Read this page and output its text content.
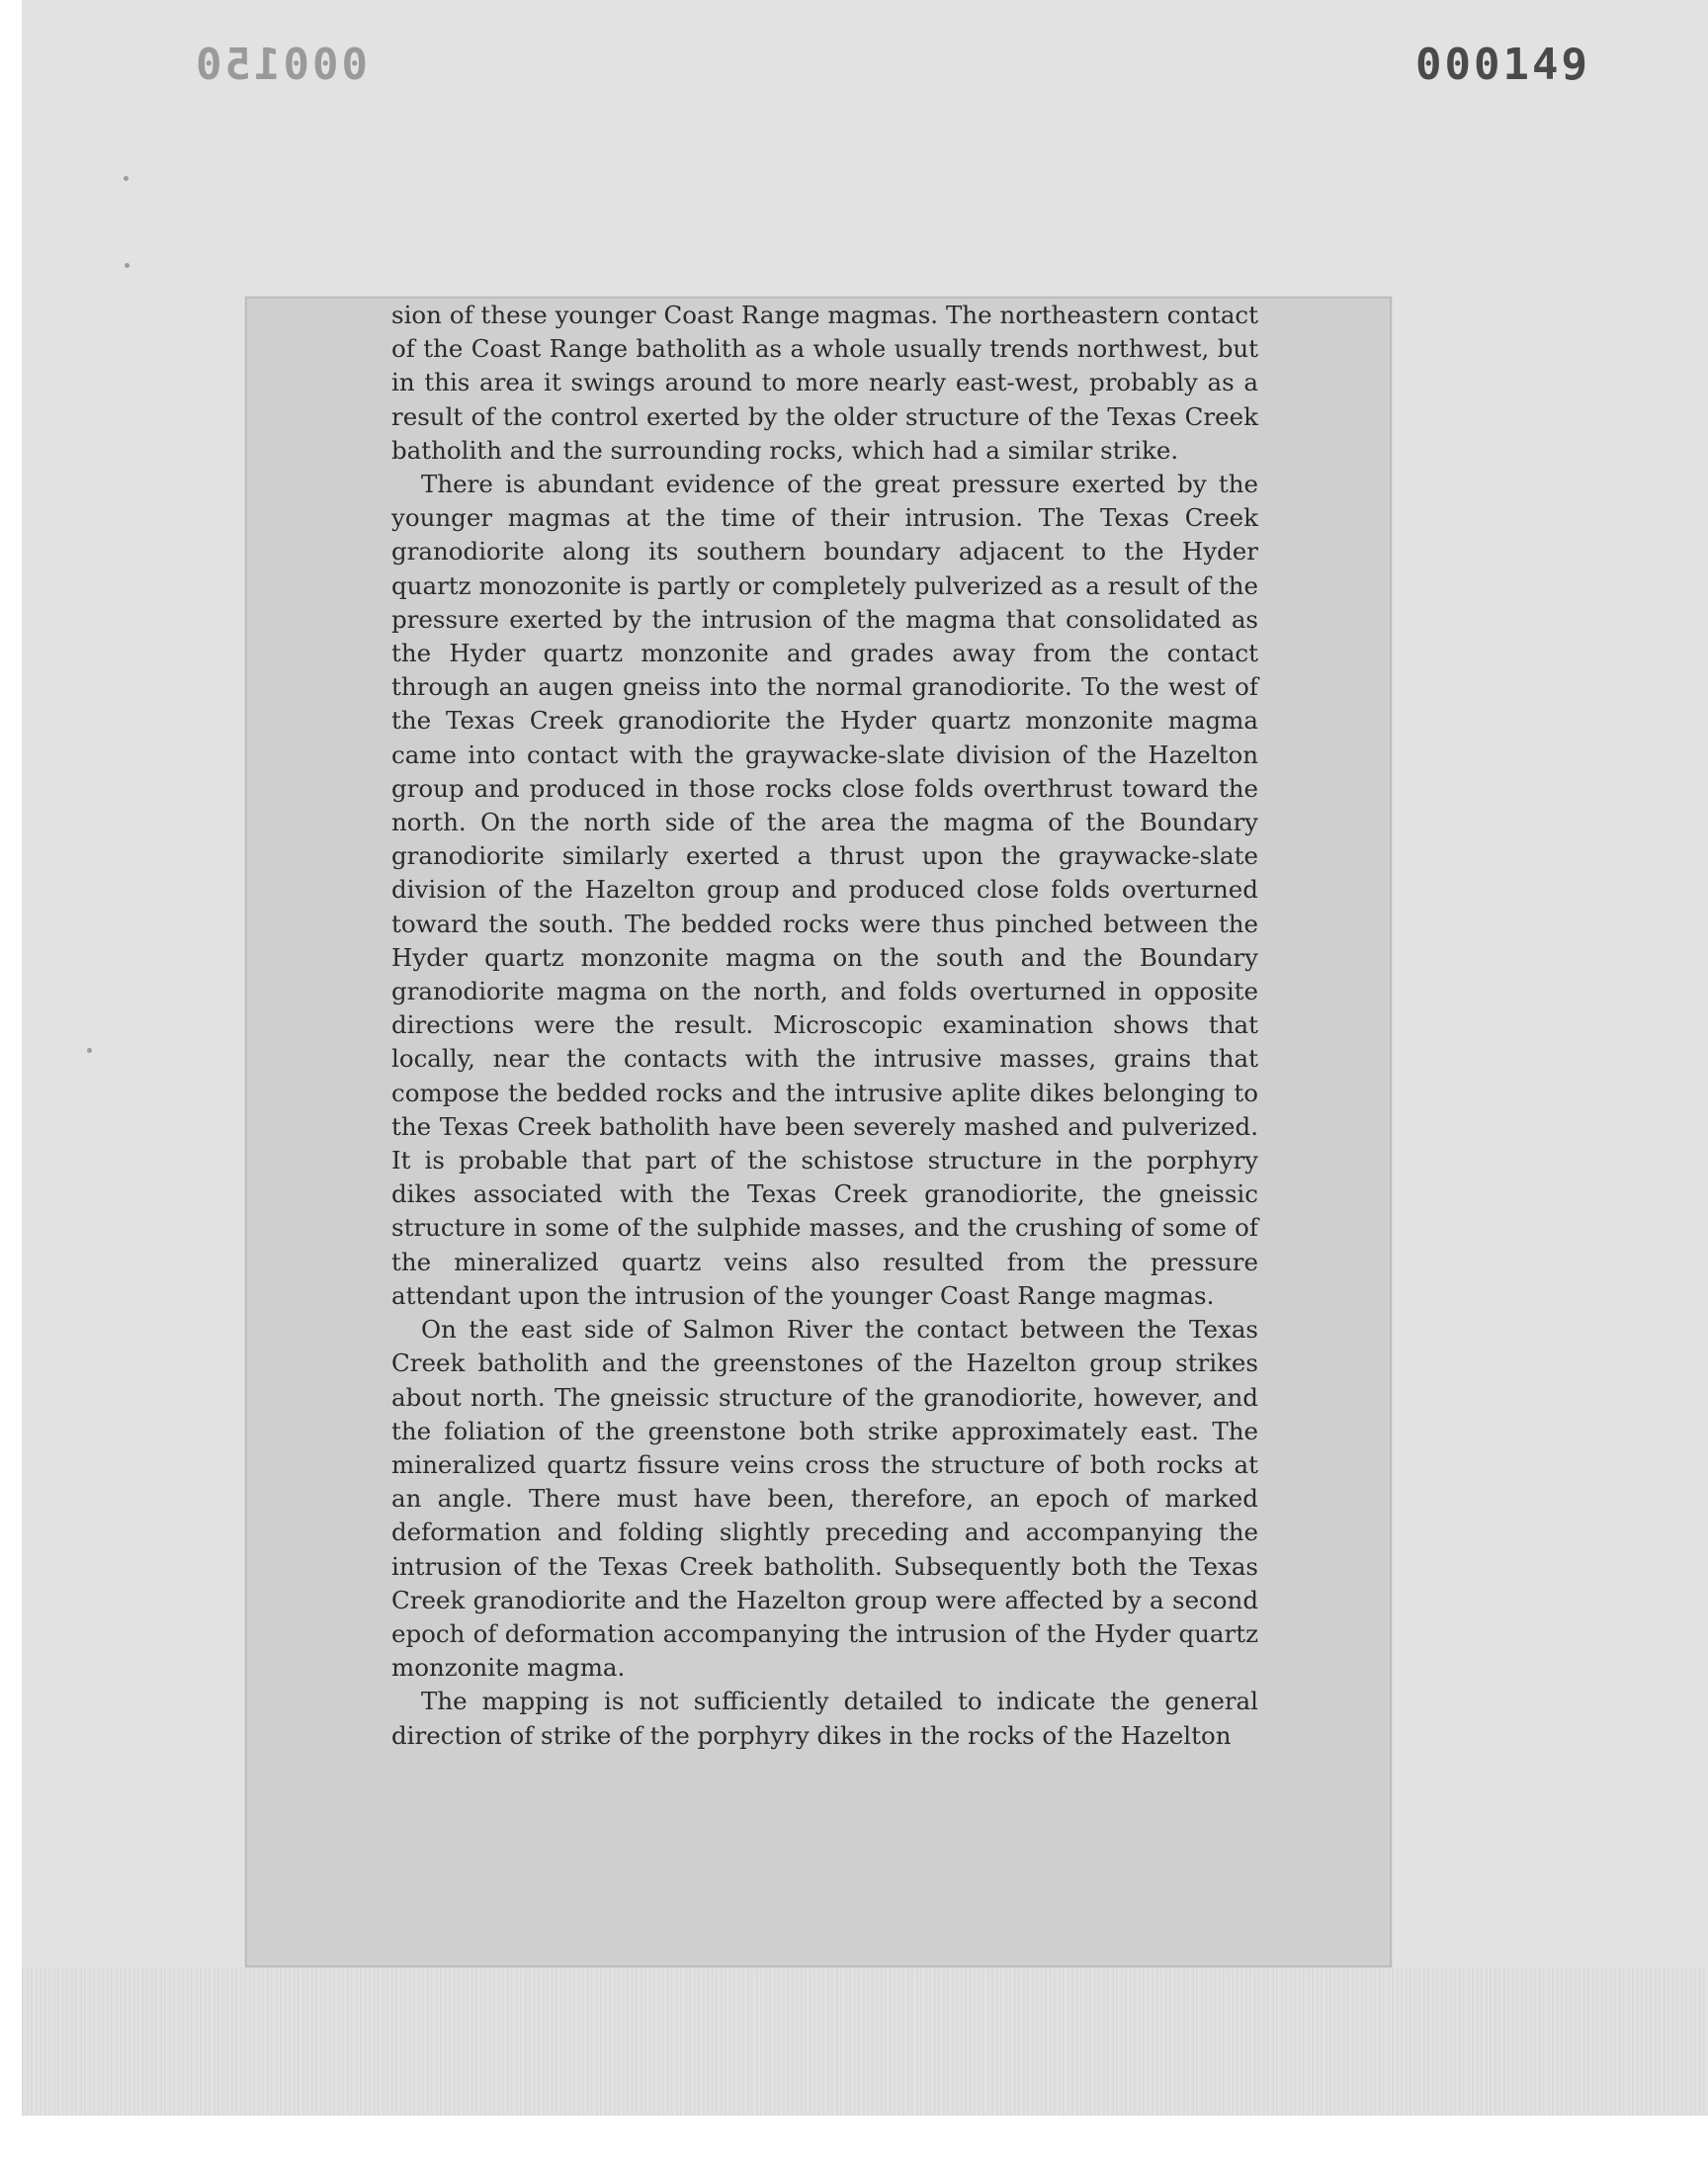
000150	000149

sion of these younger Coast Range magmas. The northeastern contact of the Coast Range batholith as a whole usually trends northwest, but in this area it swings around to more nearly east-west, probably as a result of the control exerted by the older structure of the Texas Creek batholith and the surrounding rocks, which had a similar strike.

There is abundant evidence of the great pressure exerted by the younger magmas at the time of their intrusion. The Texas Creek granodiorite along its southern boundary adjacent to the Hyder quartz monozonite is partly or completely pulverized as a result of the pressure exerted by the intrusion of the magma that consolidated as the Hyder quartz monzonite and grades away from the contact through an augen gneiss into the normal granodiorite. To the west of the Texas Creek granodiorite the Hyder quartz monzonite magma came into contact with the graywacke-slate division of the Hazelton group and produced in those rocks close folds overthrust toward the north. On the north side of the area the magma of the Boundary granodiorite similarly exerted a thrust upon the graywacke-slate division of the Hazelton group and produced close folds overturned toward the south. The bedded rocks were thus pinched between the Hyder quartz monzonite magma on the south and the Boundary granodiorite magma on the north, and folds overturned in opposite directions were the result. Microscopic examination shows that locally, near the contacts with the intrusive masses, grains that compose the bedded rocks and the intrusive aplite dikes belonging to the Texas Creek batholith have been severely mashed and pulverized. It is probable that part of the schistose structure in the porphyry dikes associated with the Texas Creek granodiorite, the gneissic structure in some of the sulphide masses, and the crushing of some of the mineralized quartz veins also resulted from the pressure attendant upon the intrusion of the younger Coast Range magmas.

On the east side of Salmon River the contact between the Texas Creek batholith and the greenstones of the Hazelton group strikes about north. The gneissic structure of the granodiorite, however, and the foliation of the greenstone both strike approximately east. The mineralized quartz fissure veins cross the structure of both rocks at an angle. There must have been, therefore, an epoch of marked deformation and folding slightly preceding and accompanying the intrusion of the Texas Creek batholith. Subsequently both the Texas Creek granodiorite and the Hazelton group were affected by a second epoch of deformation accompanying the intrusion of the Hyder quartz monzonite magma.

The mapping is not sufficiently detailed to indicate the general direction of strike of the porphyry dikes in the rocks of the Hazelton
